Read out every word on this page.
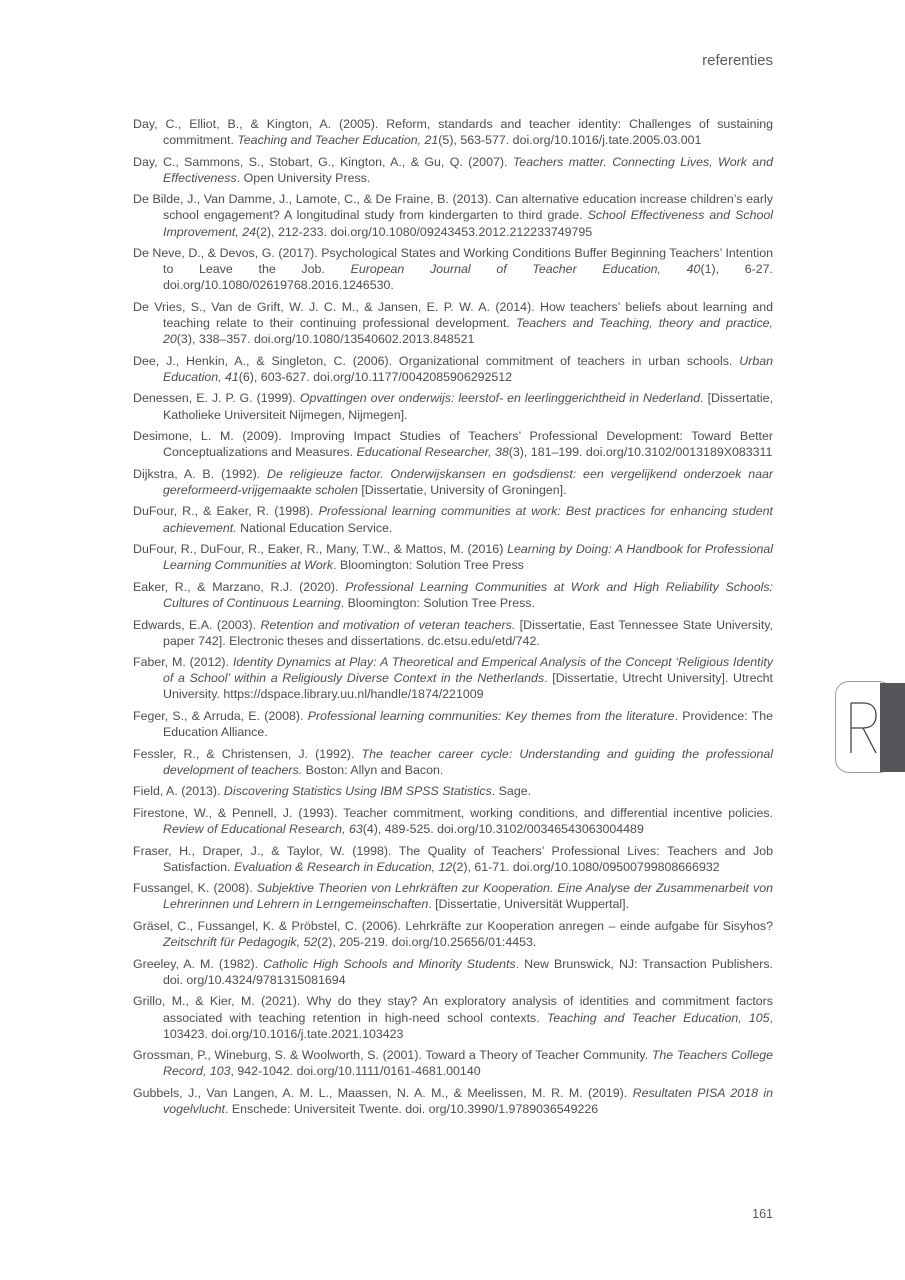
referenties

Day, C., Elliot, B., & Kington, A. (2005). Reform, standards and teacher identity: Challenges of sustaining commitment. Teaching and Teacher Education, 21(5), 563-577. doi.org/10.1016/j.tate.2005.03.001

Day, C., Sammons, S., Stobart, G., Kington, A., & Gu, Q. (2007). Teachers matter. Connecting Lives, Work and Effectiveness. Open University Press.

De Bilde, J., Van Damme, J., Lamote, C., & De Fraine, B. (2013). Can alternative education increase children’s early school engagement? A longitudinal study from kindergarten to third grade. School Effectiveness and School Improvement, 24(2), 212-233. doi.org/10.1080/09243453.2012.212233749795

De Neve, D., & Devos, G. (2017). Psychological States and Working Conditions Buffer Beginning Teachers’ Intention to Leave the Job. European Journal of Teacher Education, 40(1), 6-27. doi.org/10.1080/02619768.2016.1246530.

De Vries, S., Van de Grift, W. J. C. M., & Jansen, E. P. W. A. (2014). How teachers’ beliefs about learning and teaching relate to their continuing professional development. Teachers and Teaching, theory and practice, 20(3), 338–357. doi.org/10.1080/13540602.2013.848521

Dee, J., Henkin, A., & Singleton, C. (2006). Organizational commitment of teachers in urban schools. Urban Education, 41(6), 603-627. doi.org/10.1177/0042085906292512

Denessen, E. J. P. G. (1999). Opvattingen over onderwijs: leerstof- en leerlinggerichtheid in Nederland. [Dissertatie, Katholieke Universiteit Nijmegen, Nijmegen].

Desimone, L. M. (2009). Improving Impact Studies of Teachers’ Professional Development: Toward Better Conceptualizations and Measures. Educational Researcher, 38(3), 181–199. doi.org/10.3102/0013189X083311

Dijkstra, A. B. (1992). De religieuze factor. Onderwijskansen en godsdienst: een vergelijkend onderzoek naar gereformeerd-vrijgemaakte scholen [Dissertatie, University of Groningen].

DuFour, R., & Eaker, R. (1998). Professional learning communities at work: Best practices for enhancing student achievement. National Education Service.

DuFour, R., DuFour, R., Eaker, R., Many, T.W., & Mattos, M. (2016) Learning by Doing: A Handbook for Professional Learning Communities at Work. Bloomington: Solution Tree Press

Eaker, R., & Marzano, R.J. (2020). Professional Learning Communities at Work and High Reliability Schools: Cultures of Continuous Learning. Bloomington: Solution Tree Press.

Edwards, E.A. (2003). Retention and motivation of veteran teachers. [Dissertatie, East Tennessee State University, paper 742]. Electronic theses and dissertations. dc.etsu.edu/etd/742.

Faber, M. (2012). Identity Dynamics at Play: A Theoretical and Emperical Analysis of the Concept ‘Religious Identity of a School’ within a Religiously Diverse Context in the Netherlands. [Dissertatie, Utrecht University]. Utrecht University. https://dspace.library.uu.nl/handle/1874/221009

Feger, S., & Arruda, E. (2008). Professional learning communities: Key themes from the literature. Providence: The Education Alliance.

Fessler, R., & Christensen, J. (1992). The teacher career cycle: Understanding and guiding the professional development of teachers. Boston: Allyn and Bacon.

Field, A. (2013). Discovering Statistics Using IBM SPSS Statistics. Sage.

Firestone, W., & Pennell, J. (1993). Teacher commitment, working conditions, and differential incentive policies. Review of Educational Research, 63(4), 489-525. doi.org/10.3102/00346543063004489

Fraser, H., Draper, J., & Taylor, W. (1998). The Quality of Teachers’ Professional Lives: Teachers and Job Satisfaction. Evaluation & Research in Education, 12(2), 61-71. doi.org/10.1080/09500799808666932

Fussangel, K. (2008). Subjektive Theorien von Lehrkräften zur Kooperation. Eine Analyse der Zusammenarbeit von Lehrerinnen und Lehrern in Lerngemeinschaften. [Dissertatie, Universität Wuppertal].

Gräsel, C., Fussangel, K. & Pröbstel, C. (2006). Lehrkräfte zur Kooperation anregen – einde aufgabe für Sisyhos? Zeitschrift für Pedagogik, 52(2), 205-219. doi.org/10.25656/01:4453.

Greeley, A. M. (1982). Catholic High Schools and Minority Students. New Brunswick, NJ: Transaction Publishers. doi. org/10.4324/9781315081694

Grillo, M., & Kier, M. (2021). Why do they stay? An exploratory analysis of identities and commitment factors associated with teaching retention in high-need school contexts. Teaching and Teacher Education, 105, 103423. doi.org/10.1016/j.tate.2021.103423

Grossman, P., Wineburg, S. & Woolworth, S. (2001). Toward a Theory of Teacher Community. The Teachers College Record, 103, 942-1042. doi.org/10.1111/0161-4681.00140

Gubbels, J., Van Langen, A. M. L., Maassen, N. A. M., & Meelissen, M. R. M. (2019). Resultaten PISA 2018 in vogelvlucht. Enschede: Universiteit Twente. doi. org/10.3990/1.9789036549226

161
